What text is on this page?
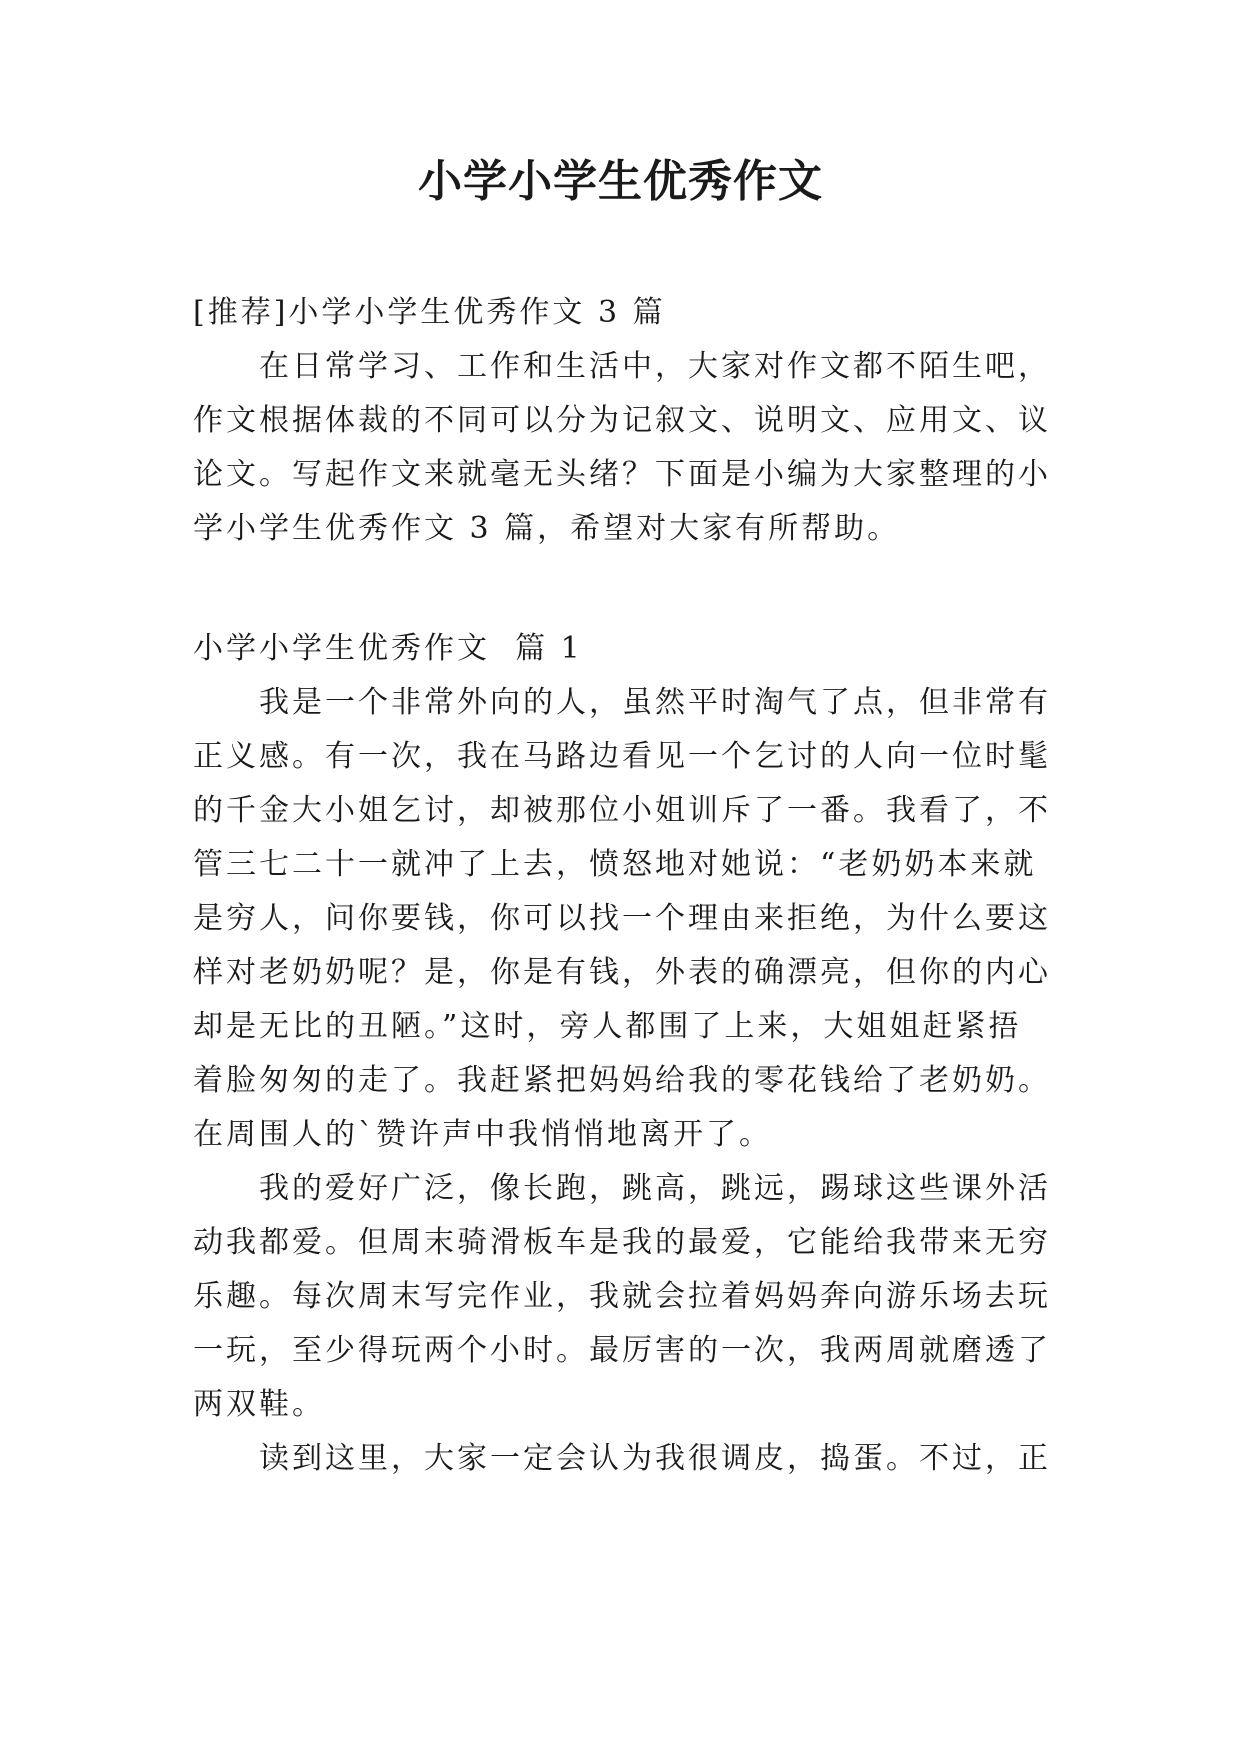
小学小学生优秀作文

[推荐]小学小学生优秀作文 3 篇

在日常学习、工作和生活中，大家对作文都不陌生吧，

作文根据体裁的不同可以分为记叙文、说明文、应用文、议

论文。写起作文来就毫无头绪？下面是小编为大家整理的小

学小学生优秀作文 3 篇，希望对大家有所帮助。

小学小学生优秀作文  篇 1

我是一个非常外向的人，虽然平时淘气了点，但非常有

正义感。有一次，我在马路边看见一个乞讨的人向一位时髦

的千金大小姐乞讨，却被那位小姐训斥了一番。我看了，不

管三七二十一就冲了上去，愤怒地对她说：“老奶奶本来就

是穷人，问你要钱，你可以找一个理由来拒绝，为什么要这

样对老奶奶呢？是，你是有钱，外表的确漂亮，但你的内心

却是无比的丑陋。”这时，旁人都围了上来，大姐姐赶紧捂

着脸匆匆的走了。我赶紧把妈妈给我的零花钱给了老奶奶。

在周围人的`赞许声中我悄悄地离开了。

我的爱好广泛，像长跑，跳高，跳远，踢球这些课外活

动我都爱。但周末骑滑板车是我的最爱，它能给我带来无穷

乐趣。每次周末写完作业，我就会拉着妈妈奔向游乐场去玩

一玩，至少得玩两个小时。最厉害的一次，我两周就磨透了

两双鞋。

读到这里，大家一定会认为我很调皮，捣蛋。不过，正
